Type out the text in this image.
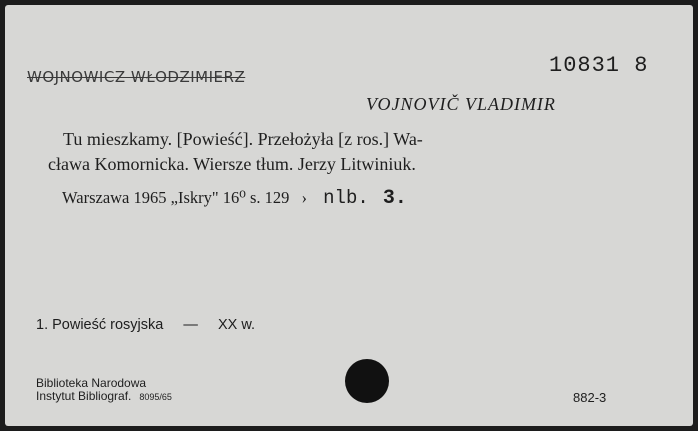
10831 8
WOJNOWICZ WŁODZIMIERZ
VOJNOVIČ VLADIMIR
Tu mieszkamy. [Powieść]. Przełożyła [z ros.] Wa-
cława Komornicka. Wiersze tłum. Jerzy Litwiniuk.
Warszawa 1965 „Iskry" 16⁰ s. 129 › nlb. 3.
1. Powieść rosyjska — XX w.
Biblioteka Narodowa
Instytut Bibliograf. 8095/65	882-3
